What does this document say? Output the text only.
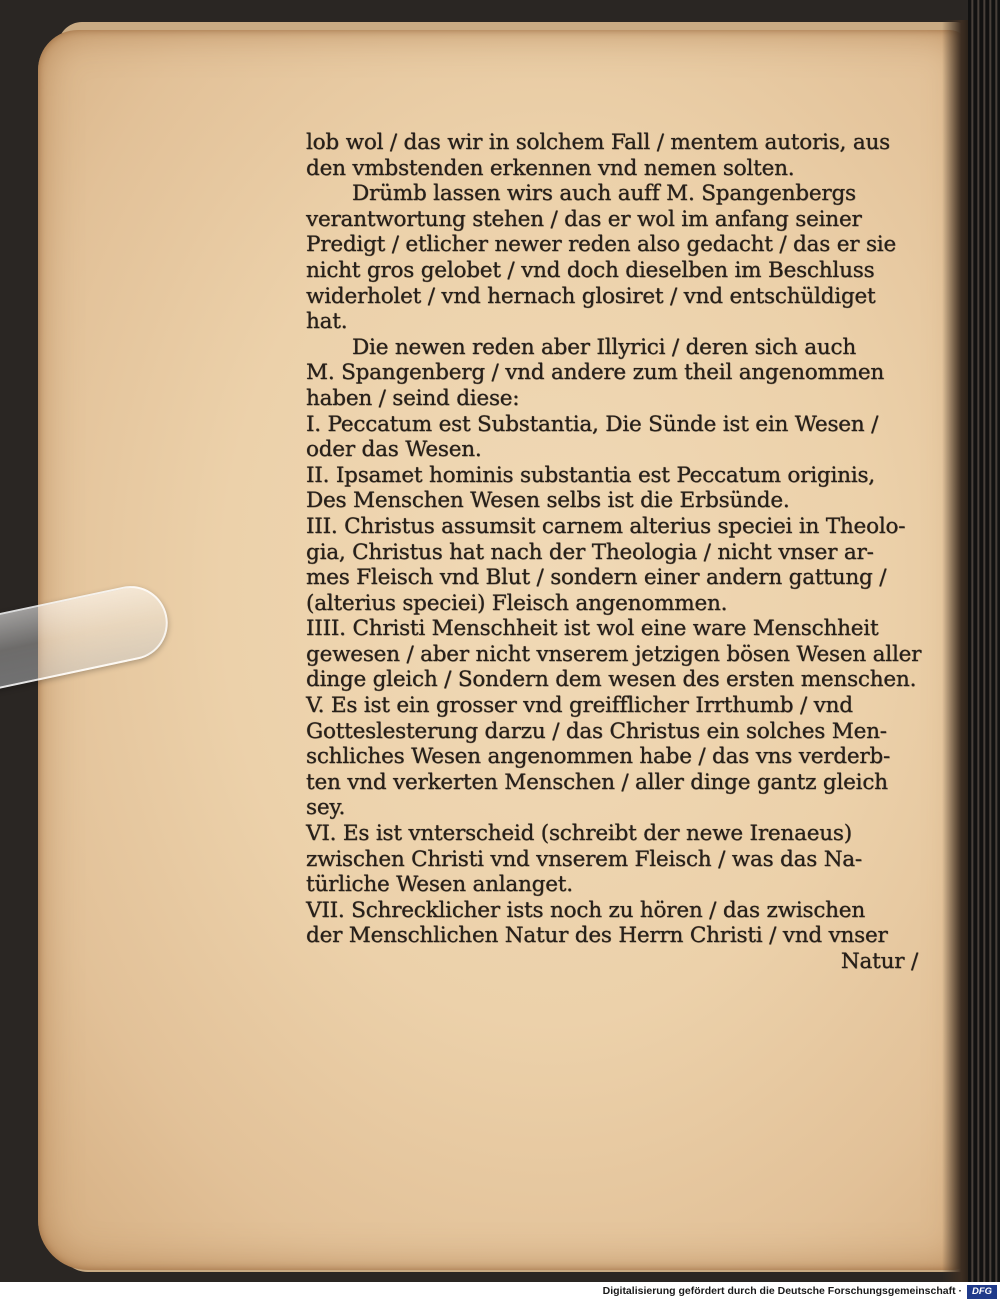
lob wol / das wir in solchem Fall / mentem autoris, aus
den vmbstenden erkennen vnd nemen solten.
Drümb lassen wirs auch auff M. Spangenbergs
verantwortung stehen / das er wol im anfang seiner
Predigt / etlicher newer reden also gedacht / das er sie
nicht gros gelobet / vnd doch dieselben im Beschluss
widerholet / vnd hernach glosiret / vnd entschüldiget
hat.
Die newen reden aber Illyrici / deren sich auch
M. Spangenberg / vnd andere zum theil angenommen
haben / seind diese:
I. Peccatum est Substantia, Die Sünde ist ein Wesen /
oder das Wesen.
II. Ipsamet hominis substantia est Peccatum originis,
Des Menschen Wesen selbs ist die Erbsünde.
III. Christus assumsit carnem alterius speciei in Theolo-
gia, Christus hat nach der Theologia / nicht vnser ar-
mes Fleisch vnd Blut / sondern einer andern gattung /
(alterius speciei) Fleisch angenommen.
IIII. Christi Menschheit ist wol eine ware Menschheit
gewesen / aber nicht vnserem jetzigen bösen Wesen aller
dinge gleich / Sondern dem wesen des ersten menschen.
V. Es ist ein grosser vnd greifflicher Irrthumb / vnd
Gotteslesterung darzu / das Christus ein solches Men-
schliches Wesen angenommen habe / das vns verderb-
ten vnd verkerten Menschen / aller dinge gantz gleich
sey.
VI. Es ist vnterscheid (schreibt der newe Irenaeus)
zwischen Christi vnd vnserem Fleisch / was das Na-
türliche Wesen anlanget.
VII. Schrecklicher ists noch zu hören / das zwischen
der Menschlichen Natur des Herrn Christi / vnd vnser
Natur /
Digitalisierung gefördert durch die Deutsche Forschungsgemeinschaft ·	DFG
